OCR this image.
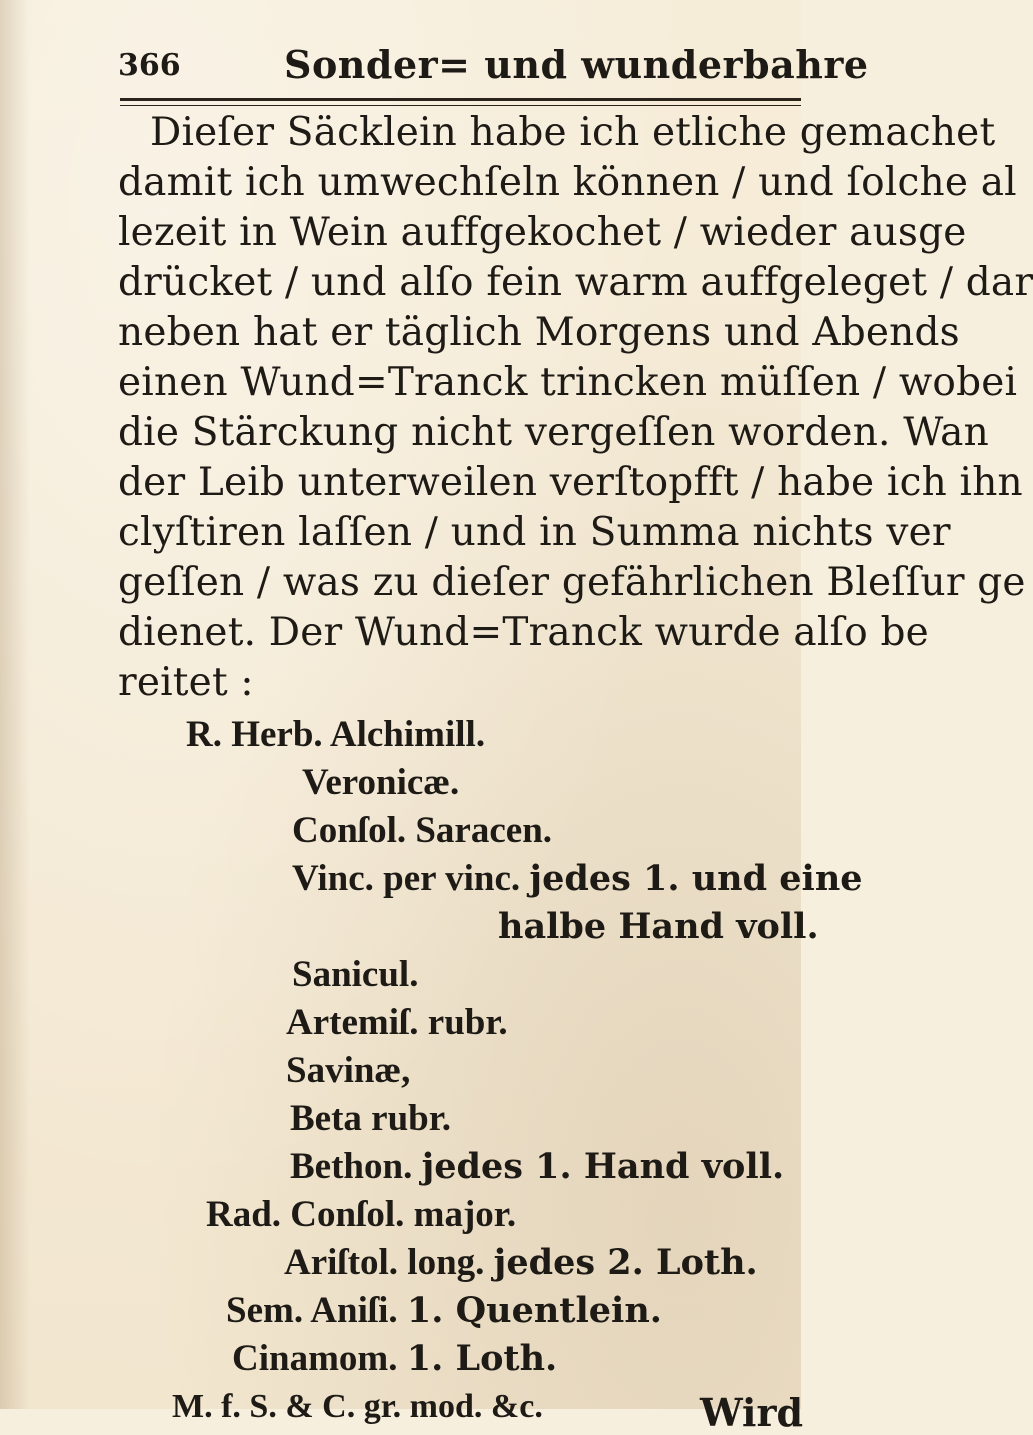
366	Sonder= und wunderbahre
Dieſer Säcklein habe ich etliche gemachet
damit ich umwechſeln können / und ſolche al
lezeit in Wein auffgekochet / wieder ausge
drücket / und alſo fein warm auffgeleget / dar
neben hat er täglich Morgens und Abends
einen Wund=Tranck trincken müſſen / wobei
die Stärckung nicht vergeſſen worden. Wan
der Leib unterweilen verſtopfft / habe ich ihn
clyſtiren laſſen / und in Summa nichts ver
geſſen / was zu dieſer gefährlichen Bleſſur ge
dienet. Der Wund=Tranck wurde alſo be
reitet :
R. Herb. Alchimill.
Veronicæ.
Conſol. Saracen.
Vinc. per vinc. jedes 1. und eine
halbe Hand voll.
Sanicul.
Artemiſ. rubr.
Savinæ,
Beta rubr.
Bethon. jedes 1. Hand voll.
Rad. Conſol. major.
Ariſtol. long. jedes 2. Loth.
Sem. Aniſi. 1. Quentlein.
Cinamom. 1. Loth.
M. f. S. & C. gr. mod. &c.	Wird
